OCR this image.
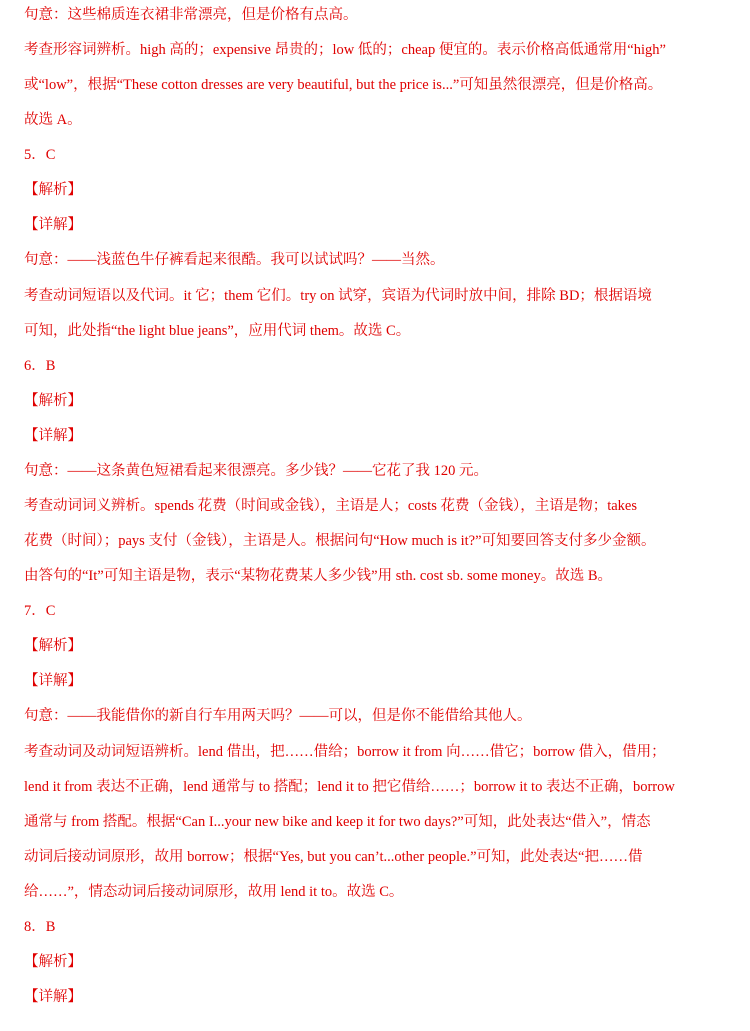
句意：这些棉质连衣裙非常漂亮，但是价格有点高。
考查形容词辨析。high 高的；expensive 昂贵的；low 低的；cheap 便宜的。表示价格高低通常用“high”
或“low”，根据“These cotton dresses are very beautiful, but the price is...”可知虽然很漂亮，但是价格高。
故选 A。
5．C
【解析】
【详解】
句意：——浅蓝色牛仔裤看起来很酷。我可以试试吗？——当然。
考查动词短语以及代词。it 它；them 它们。try on 试穿，宾语为代词时放中间，排除 BD；根据语境
可知，此处指“the light blue jeans”，应用代词 them。故选 C。
6．B
【解析】
【详解】
句意：——这条黄色短裙看起来很漂亮。多少钱？——它花了我 120 元。
考查动词词义辨析。spends 花费（时间或金钱），主语是人；costs 花费（金钱），主语是物；takes
花费（时间）；pays 支付（金钱），主语是人。根据问句“How much is it?”可知要回答支付多少金额。
由答句的“It”可知主语是物，表示“某物花费某人多少钱”用 sth. cost sb. some money。故选 B。
7．C
【解析】
【详解】
句意：——我能借你的新自行车用两天吗？——可以，但是你不能借给其他人。
考查动词及动词短语辨析。lend 借出，把……借给；borrow it from 向……借它；borrow 借入，借用；
lend it from 表达不正确，lend 通常与 to 搭配；lend it to 把它借给……；borrow it to 表达不正确，borrow
通常与 from 搭配。根据“Can I...your new bike and keep it for two days?”可知，此处表达“借入”，情态
动词后接动词原形，故用 borrow；根据“Yes, but you can’t...other people.”可知，此处表达“把……借
给……”，情态动词后接动词原形，故用 lend it to。故选 C。
8．B
【解析】
【详解】
